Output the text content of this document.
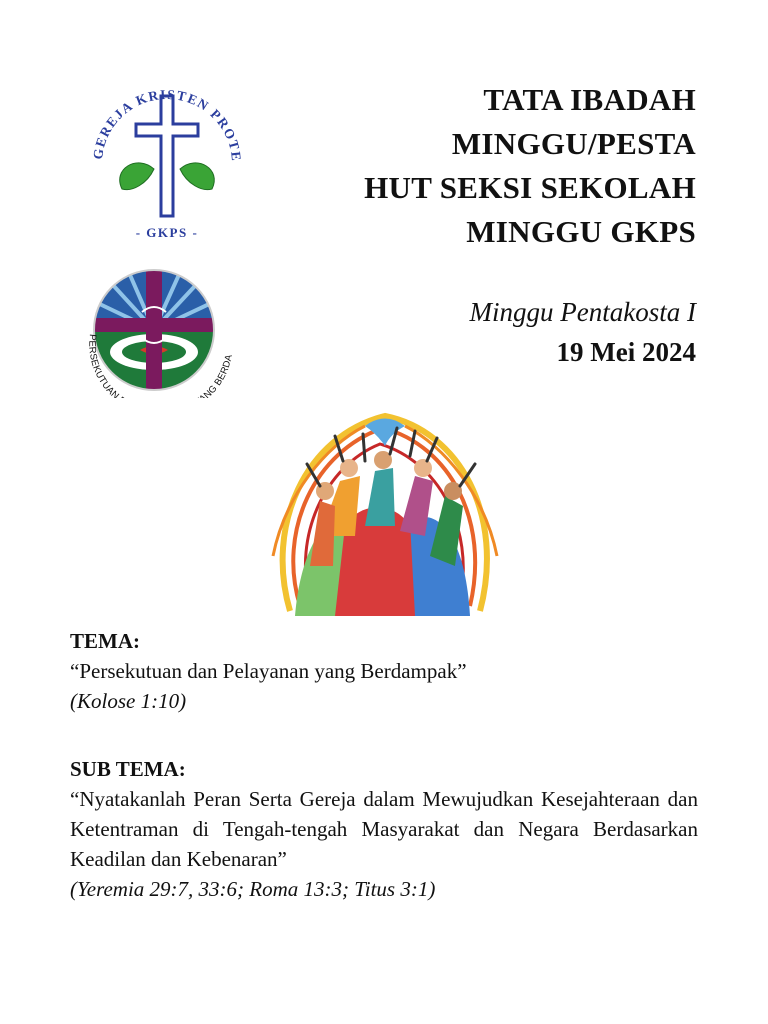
EREJA KRISTEN PROT
- GKPS -
PERSEKUTUAN NG BERDA
TATA IBADAH
MINGGU/PESTA
HUT SEKSI SEKOLAH
MINGGU GKPS
Minggu Pentakosta I
19 Mei 2024
TEMA:
“Persekutuan dan Pelayanan yang Berdampak”
(Kolose 1:10)
SUB TEMA:
“Nyatakanlah Peran Serta Gereja dalam Mewujudkan Kesejahteraan dan Ketentraman di Tengah-tengah Masyarakat dan Negara Berdasarkan Keadilan dan Kebenaran”
(Yeremia 29:7, 33:6; Roma 13:3; Titus 3:1)
